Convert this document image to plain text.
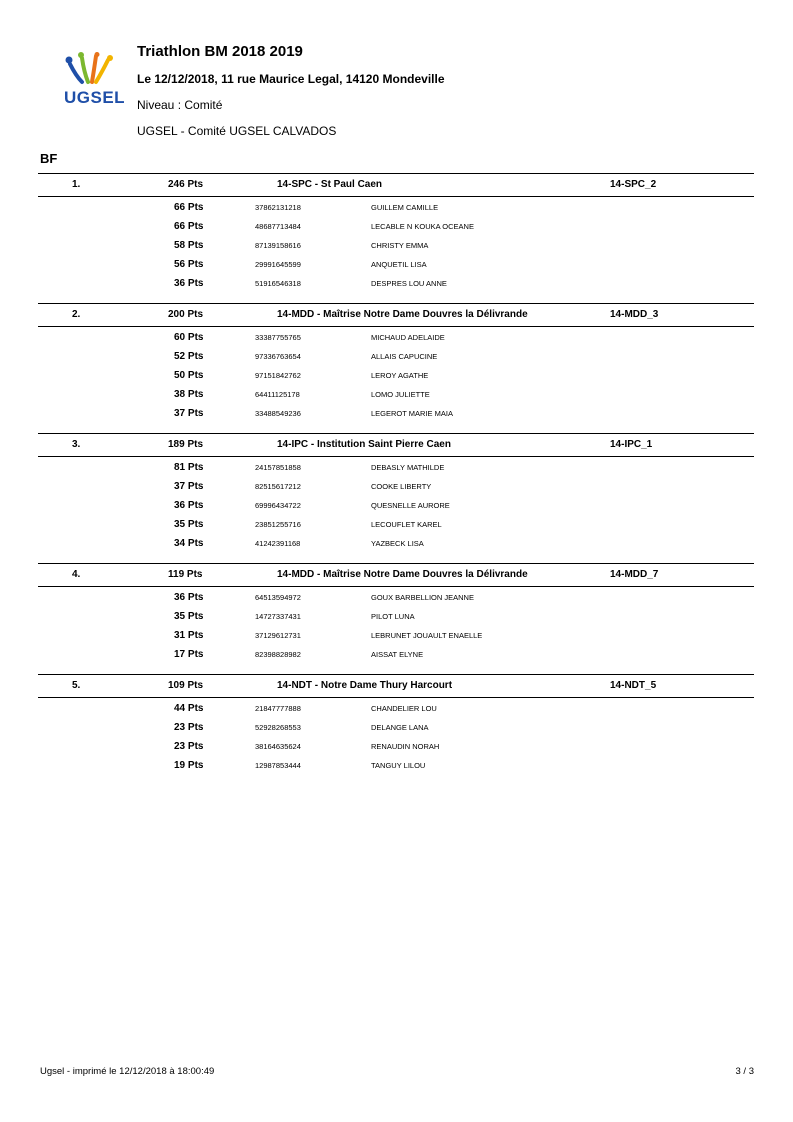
UGSEL
Triathlon BM 2018 2019
Le 12/12/2018, 11 rue Maurice Legal, 14120 Mondeville
Niveau : Comité
UGSEL - Comité UGSEL CALVADOS
BF
1.	246 Pts	14-SPC - St Paul Caen	14-SPC_2
66 Pts	37862131218	GUILLEM CAMILLE
66 Pts	48687713484	LECABLE N KOUKA OCEANE
58 Pts	87139158616	CHRISTY EMMA
56 Pts	29991645599	ANQUETIL LISA
36 Pts	51916546318	DESPRES LOU ANNE
2.	200 Pts	14-MDD - Maîtrise Notre Dame Douvres la Délivrande	14-MDD_3
60 Pts	33387755765	MICHAUD ADELAIDE
52 Pts	97336763654	ALLAIS CAPUCINE
50 Pts	97151842762	LEROY AGATHE
38 Pts	64411125178	LOMO JULIETTE
37 Pts	33488549236	LEGEROT MARIE MAIA
3.	189 Pts	14-IPC - Institution Saint Pierre Caen	14-IPC_1
81 Pts	24157851858	DEBASLY MATHILDE
37 Pts	82515617212	COOKE LIBERTY
36 Pts	69996434722	QUESNELLE AURORE
35 Pts	23851255716	LECOUFLET KAREL
34 Pts	41242391168	YAZBECK LISA
4.	119 Pts	14-MDD - Maîtrise Notre Dame Douvres la Délivrande	14-MDD_7
36 Pts	64513594972	GOUX BARBELLION JEANNE
35 Pts	14727337431	PILOT LUNA
31 Pts	37129612731	LEBRUNET JOUAULT ENAELLE
17 Pts	82398828982	AISSAT ELYNE
5.	109 Pts	14-NDT - Notre Dame Thury Harcourt	14-NDT_5
44 Pts	21847777888	CHANDELIER LOU
23 Pts	52928268553	DELANGE LANA
23 Pts	38164635624	RENAUDIN NORAH
19 Pts	12987853444	TANGUY LILOU
Ugsel - imprimé le 12/12/2018 à 18:00:49	3 / 3
